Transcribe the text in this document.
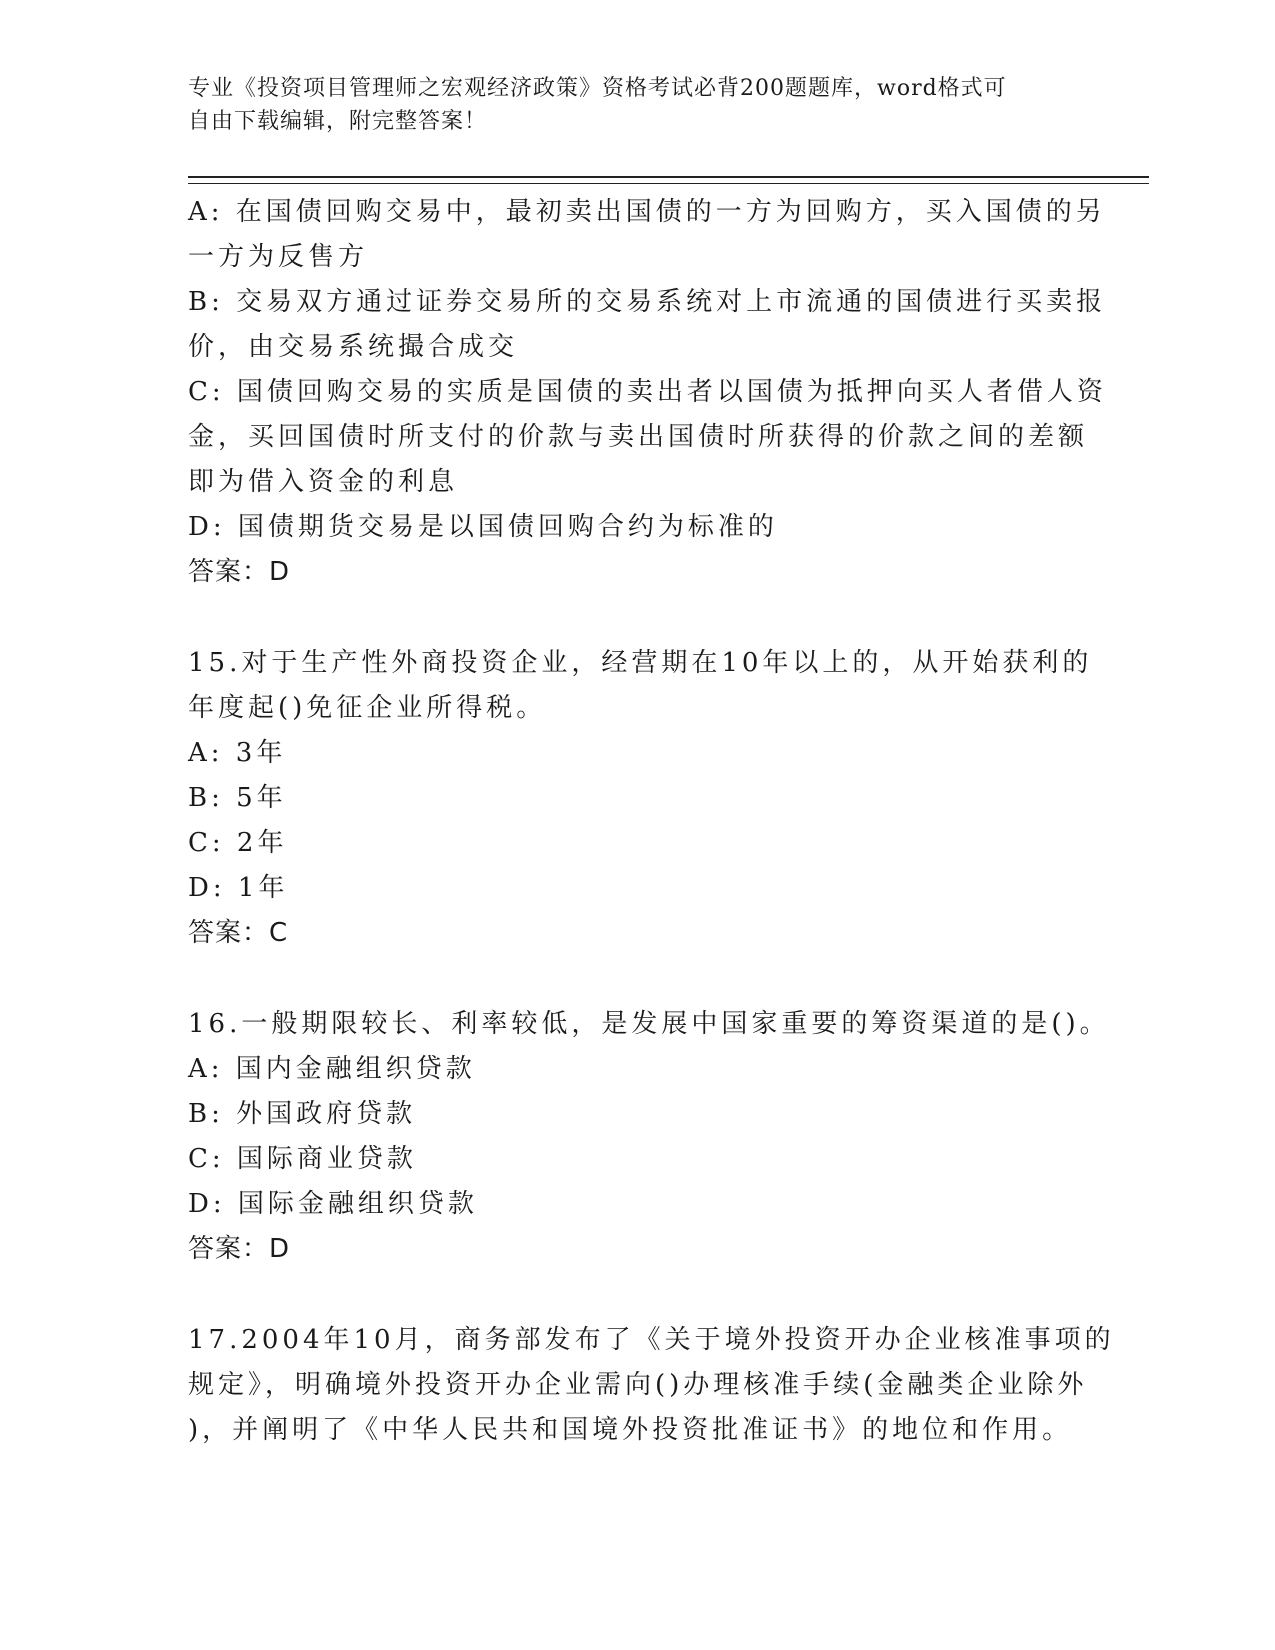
专业《投资项目管理师之宏观经济政策》资格考试必背200题题库，word格式可
自由下载编辑，附完整答案！
A: 在国债回购交易中，最初卖出国债的一方为回购方，买入国债的另
一方为反售方
B: 交易双方通过证券交易所的交易系统对上市流通的国债进行买卖报
价，由交易系统撮合成交
C: 国债回购交易的实质是国债的卖出者以国债为抵押向买人者借人资
金，买回国债时所支付的价款与卖出国债时所获得的价款之间的差额
即为借入资金的利息
D: 国债期货交易是以国债回购合约为标准的
答案：D
15.对于生产性外商投资企业，经营期在10年以上的，从开始获利的
年度起()免征企业所得税。
A: 3年
B: 5年
C: 2年
D: 1年
答案：C
16.一般期限较长、利率较低，是发展中国家重要的筹资渠道的是()。
A: 国内金融组织贷款
B: 外国政府贷款
C: 国际商业贷款
D: 国际金融组织贷款
答案：D
17.2004年10月，商务部发布了《关于境外投资开办企业核准事项的
规定》，明确境外投资开办企业需向()办理核准手续(金融类企业除外
)，并阐明了《中华人民共和国境外投资批准证书》的地位和作用。
